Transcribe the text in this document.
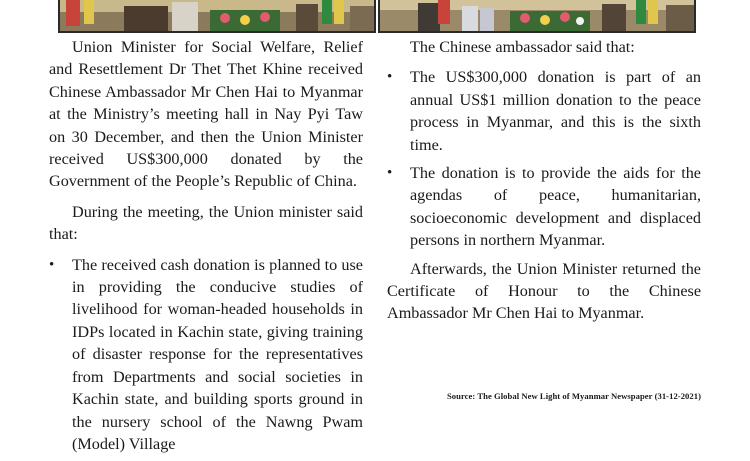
Union Minister for Social Welfare, Relief and Resettlement Dr Thet Thet Khine received Chinese Ambassador Mr Chen Hai to Myanmar at the Ministry’s meeting hall in Nay Pyi Taw on 30 December, and then the Union Minister received US$300,000 donated by the Government of the People’s Republic of China.

During the meeting, the Union minister said that:

• The received cash donation is planned to use in providing the conducive studies of livelihood for woman-headed households in IDPs located in Kachin state, giving training of disaster response for the representatives from Departments and social societies in Kachin state, and building sports ground in the nursery school of the Nawng Pwam (Model) Village

The Chinese ambassador said that:

• The US$300,000 donation is part of an annual US$1 million donation to the peace process in Myanmar, and this is the sixth time.
• The donation is to provide the aids for the agendas of peace, humanitarian, socioeconomic development and displaced persons in northern Myanmar.

Afterwards, the Union Minister returned the Certificate of Honour to the Chinese Ambassador Mr Chen Hai to Myanmar.

Source: The Global New Light of Myanmar Newspaper (31-12-2021)
